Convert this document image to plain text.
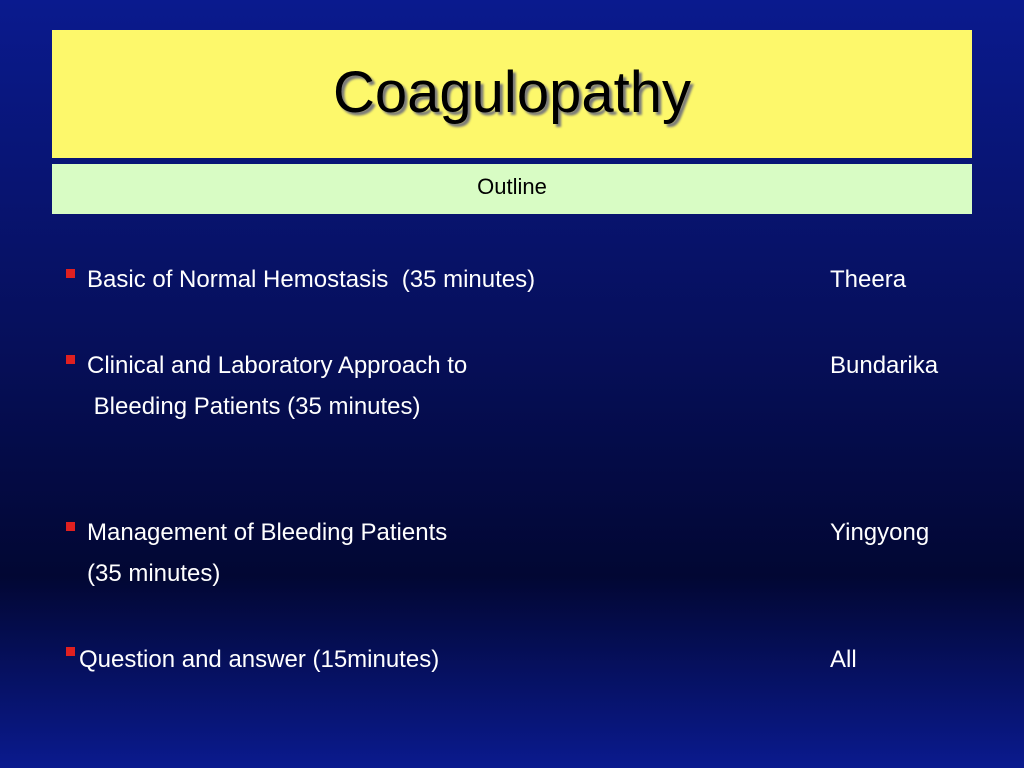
Coagulopathy
Outline
Basic of Normal Hemostasis  (35 minutes)	Theera
Clinical and Laboratory Approach to
Bleeding Patients (35 minutes)
Bundarika
Management of Bleeding Patients
(35 minutes)
Yingyong
Question and answer (15minutes)	All
